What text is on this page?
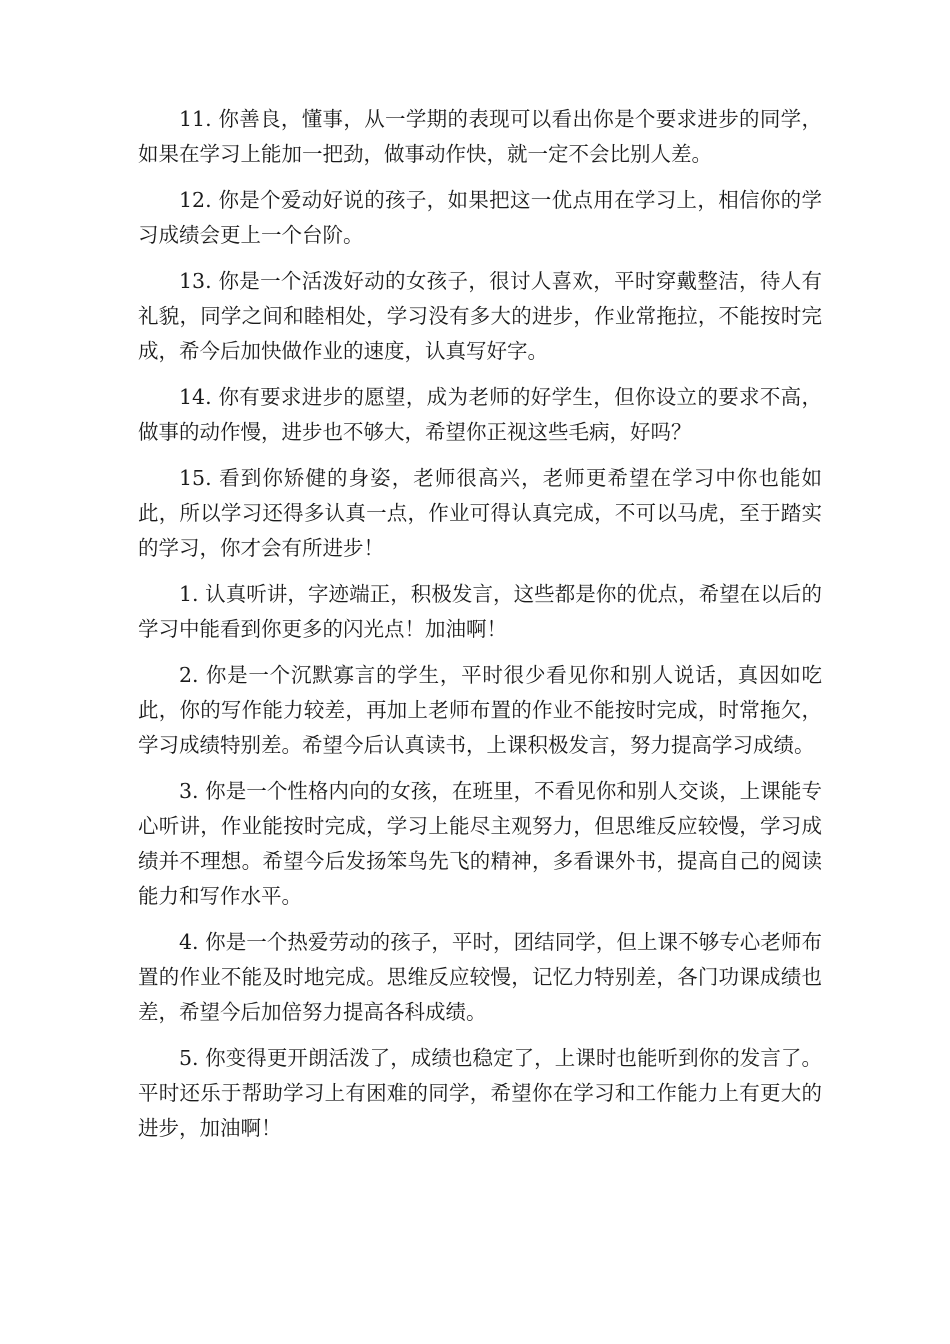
11. 你善良，懂事，从一学期的表现可以看出你是个要求进步的同学，如果在学习上能加一把劲，做事动作快，就一定不会比别人差。

12. 你是个爱动好说的孩子，如果把这一优点用在学习上，相信你的学习成绩会更上一个台阶。

13. 你是一个活泼好动的女孩子，很讨人喜欢，平时穿戴整洁，待人有礼貌，同学之间和睦相处，学习没有多大的进步，作业常拖拉，不能按时完成，希今后加快做作业的速度，认真写好字。

14. 你有要求进步的愿望，成为老师的好学生，但你设立的要求不高，做事的动作慢，进步也不够大，希望你正视这些毛病，好吗？

15. 看到你矫健的身姿，老师很高兴，老师更希望在学习中你也能如此，所以学习还得多认真一点，作业可得认真完成，不可以马虎，至于踏实的学习，你才会有所进步！

1. 认真听讲，字迹端正，积极发言，这些都是你的优点，希望在以后的学习中能看到你更多的闪光点！加油啊！

2. 你是一个沉默寡言的学生，平时很少看见你和别人说话，真因如吃此，你的写作能力较差，再加上老师布置的作业不能按时完成，时常拖欠，学习成绩特别差。希望今后认真读书，上课积极发言，努力提高学习成绩。

3. 你是一个性格内向的女孩，在班里，不看见你和别人交谈，上课能专心听讲，作业能按时完成，学习上能尽主观努力，但思维反应较慢，学习成绩并不理想。希望今后发扬笨鸟先飞的精神，多看课外书，提高自己的阅读能力和写作水平。

4. 你是一个热爱劳动的孩子，平时，团结同学，但上课不够专心老师布置的作业不能及时地完成。思维反应较慢，记忆力特别差，各门功课成绩也差，希望今后加倍努力提高各科成绩。

5. 你变得更开朗活泼了，成绩也稳定了，上课时也能听到你的发言了。平时还乐于帮助学习上有困难的同学，希望你在学习和工作能力上有更大的进步，加油啊！
